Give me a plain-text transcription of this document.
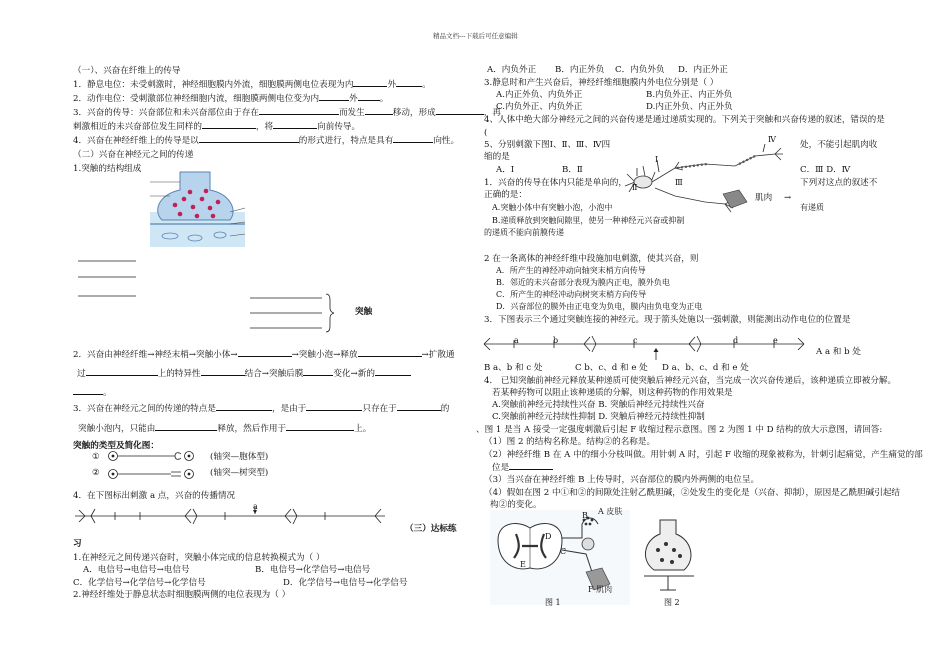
精品文档---下载后可任意编辑
（一）、兴奋在纤维上的传导
1．静息电位：未受刺激时，神经细胞膜内外流，细胞膜两侧电位表现为内	外	。
2．动作电位：受刺激部位神经细胞内流，细胞膜两侧电位变为内	外	。
3．兴奋的传导：兴奋部位和未兴奋部位由于存在	而发生	移动，形成	，再
刺激相近的未兴奋部位发生同样的	，将	向前传导。
4．兴奋在神经纤维上的传导是以	的形式进行，特点是具有	向性。
（二）兴奋在神经元之间的传递
1.突触的结构组成
突触
2．兴奋由神经纤维→神经末梢→突触小体→	→突触小泡→释放	→扩散通
过	上的特异性	结合→突触后膜	变化→新的
。
3．兴奋在神经元之间的传递的特点是	，是由于	只存在于	的
突触小泡内，只能由	释放，然后作用于	上。
突触的类型及简化图：
①
②
(轴突—胞体型)
(轴突—树突型)
4．在下图标出刺激 a 点，兴奋的传播情况
a
（三）达标练
习
1.在神经元之间传递兴奋时，突触小体完成的信息转换模式为（ ）
A．电信号→电信号→电信号	B．电信号→化学信号→电信号
C．化学信号→化学信号→化学信号	D．化学信号→电信号→化学信号
2.神经纤维处于静息状态时细胞膜两侧的电位表现为（ ）
A．内负外正 B．内正外负 C．内负外负 D．内正外正
3.静息时和产生兴奋后，神经纤维细胞膜内外电位分别是（ ）
A.内正外负、内负外正	B.内负外正、内正外负
C.内负外正、内负外正	D.内正外负、内正外负
4、人体中绝大部分神经元之间的兴奋传递是通过递质实现的。下列关于突触和兴奋传递的叙述，错误的是
(
5、分别刺激下图Ⅰ、Ⅱ、Ⅲ、Ⅳ四	处，不能引起肌肉收
缩的是
A．Ⅰ	B．Ⅱ	C．Ⅲ D．Ⅳ
Ⅰ
Ⅱ
Ⅲ
Ⅳ
肌肉 →
1．兴奋的传导在体内只能是单向的，	下列对这点的叙述不
正确的是：
A.突触小体中有突触小泡，小泡中	有递质
B.递质释放到突触间隙里，使另一种神经元兴奋或抑制
的递质不能向前膜传递
2 在一条离体的神经纤维中段施加电刺激，使其兴奋，则
A．所产生的神经冲动向轴突末梢方向传导
B．邻近的未兴奋部分表现为膜内正电，膜外负电
C．所产生的神经冲动向树突末梢方向传导
D．兴奋部位的膜外由正电变为负电，膜内由负电变为正电
3．下图表示三个通过突触连接的神经元。现于箭头处施以一强刺激，则能测出动作电位的位置是
a	b	c	d	e
A a 和 b 处
B a、b 和 c 处	C b、c、d 和 e 处 D a、b、c、d 和 e 处
4． 已知突触前神经元释放某种递质可使突触后神经元兴奋，当完成一次兴奋传递后，该种递质立即被分解。
若某种药物可以阻止该种递质的分解，则这种药物的作用效果是
A.突触前神经元持续性兴奋 B. 突触后神经元持续性兴奋
C.突触前神经元持续性抑制 D. 突触后神经元持续性抑制
、图 1 是当 A 接受一定强度刺激后引起 F 收缩过程示意图。图 2 为图 1 中 D 结构的放大示意图，请回答:
（1）图 2 的结构名称是。结构②的名称是。
（2）神经纤维 B 在 A 中的细小分枝叫做。用针刺 A 时，引起 F 收缩的现象被称为，针刺引起痛觉，产生痛觉的部
位是
（3）当兴奋在神经纤维 B 上传导时，兴奋部位的膜内外两侧的电位呈。
（4）假如在图 2 中①和②的间隙处注射乙酰胆碱，②处发生的变化是（兴奋、抑制），原因是乙酰胆碱引起结
构②的变化。
A 皮肤
B
C
D
E
F 肌肉
图 1	图 2
